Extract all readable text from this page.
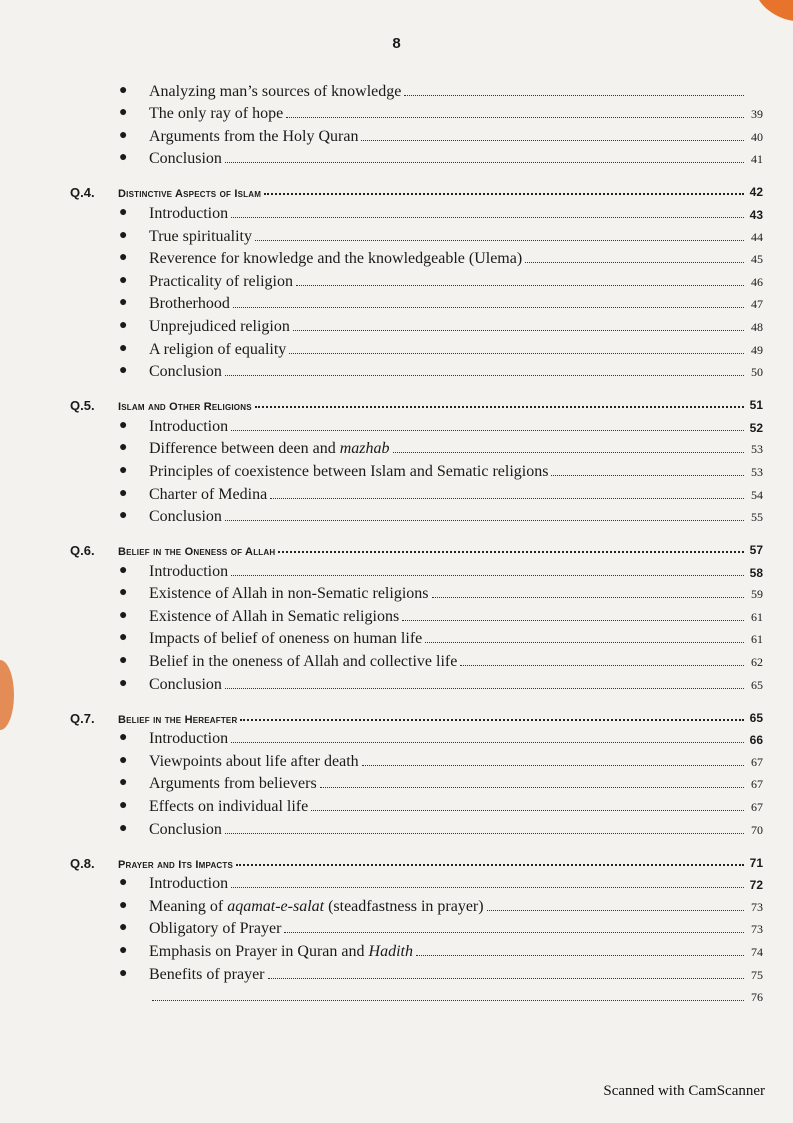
8
●	Analyzing man’s sources of knowledge
●	The only ray of hope	39
●	Arguments from the Holy Quran	40
●	Conclusion	41
Q.4.	Distinctive Aspects of Islam	42
●	Introduction	43
●	True spirituality	44
●	Reverence for knowledge and the knowledgeable (Ulema)	45
●	Practicality of religion	46
●	Brotherhood	47
●	Unprejudiced religion	48
●	A religion of equality	49
●	Conclusion	50
Q.5.	Islam and Other Religions	51
●	Introduction	52
●	Difference between deen and mazhab	53
●	Principles of coexistence between Islam and Sematic religions	53
●	Charter of Medina	54
●	Conclusion	55
Q.6.	Belief in the Oneness of Allah	57
●	Introduction	58
●	Existence of Allah in non-Sematic religions	59
●	Existence of Allah in Sematic religions	61
●	Impacts of belief of oneness on human life	61
●	Belief in the oneness of Allah and collective life	62
●	Conclusion	65
Q.7.	Belief in the Hereafter	65
●	Introduction	66
●	Viewpoints about life after death	67
●	Arguments from believers	67
●	Effects on individual life	67
●	Conclusion	70
Q.8.	Prayer and Its Impacts	71
●	Introduction	72
●	Meaning of aqamat-e-salat (steadfastness in prayer)	73
●	Obligatory of Prayer	73
●	Emphasis on Prayer in Quran and Hadith	74
●	Benefits of prayer	75
76
Scanned with CamScanner
